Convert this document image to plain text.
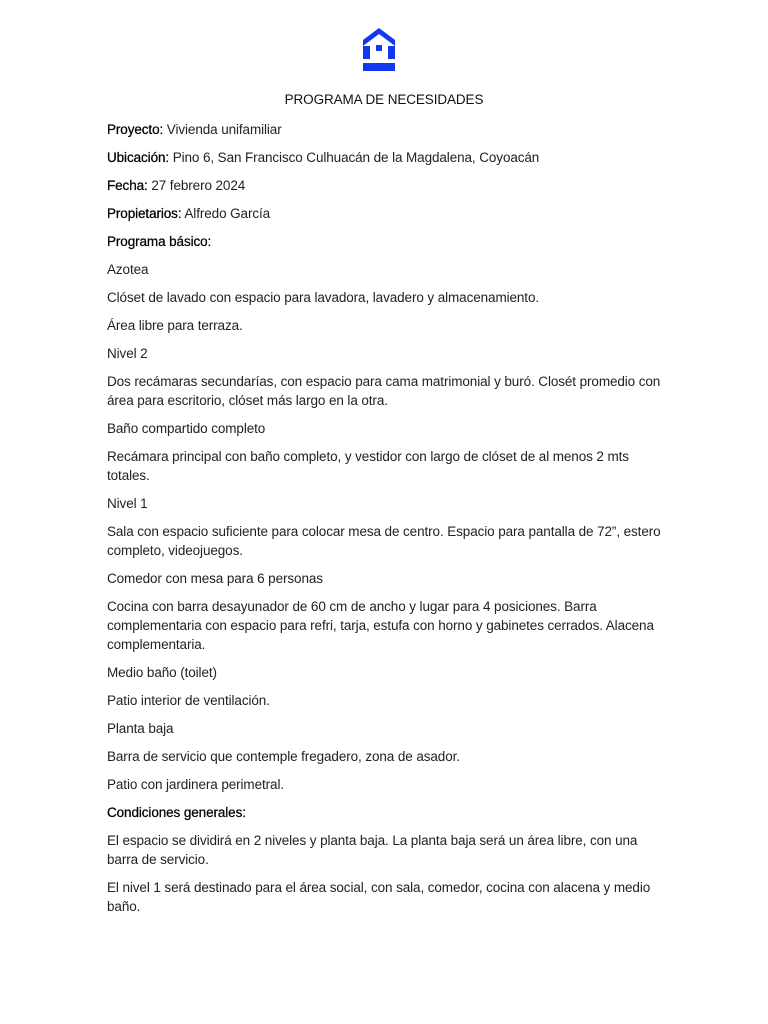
PROGRAMA DE NECESIDADES

Proyecto: Vivienda unifamiliar

Ubicación: Pino 6, San Francisco Culhuacán de la Magdalena, Coyoacán

Fecha: 27 febrero 2024

Propietarios: Alfredo García

Programa básico:

Azotea

Clóset de lavado con espacio para lavadora, lavadero y almacenamiento.

Área libre para terraza.

Nivel 2

Dos recámaras secundarías, con espacio para cama matrimonial y buró. Closét promedio con área para escritorio, clóset más largo en la otra.

Baño compartido completo

Recámara principal con baño completo, y vestidor con largo de clóset de al menos 2 mts totales.

Nivel 1

Sala con espacio suficiente para colocar mesa de centro. Espacio para pantalla de 72”, estero completo, videojuegos.

Comedor con mesa para 6 personas

Cocina con barra desayunador de 60 cm de ancho y lugar para 4 posiciones. Barra complementaria con espacio para refri, tarja, estufa con horno y gabinetes cerrados. Alacena complementaria.

Medio baño (toilet)

Patio interior de ventilación.

Planta baja

Barra de servicio que contemple fregadero, zona de asador.

Patio con jardinera perimetral.

Condiciones generales:

El espacio se dividirá en 2 niveles y planta baja. La planta baja será un área libre, con una barra de servicio.

El nivel 1 será destinado para el área social, con sala, comedor, cocina con alacena y medio baño.
